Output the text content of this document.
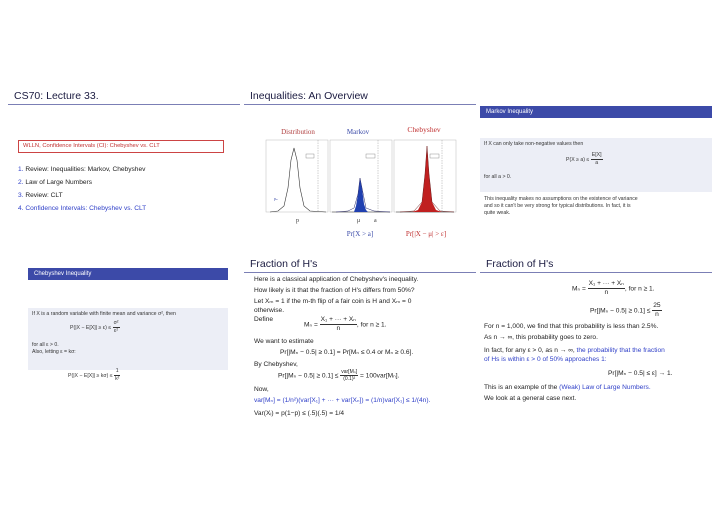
CS70: Lecture 33.
WLLN, Confidence Intervals (CI): Chebyshev vs. CLT
1. Review: Inequalities: Markov, Chebyshev
2. Law of Large Numbers
3. Review: CLT
4. Confidence Intervals: Chebyshev vs. CLT
Inequalities: An Overview
Distribution	Markov	Chebyshev
pₙ
p	μ a
Pr[X > a]	Pr[|X − μ| > ε]
Markov Inequality
If X can only take non-negative values then
$P(X \ge a) \le \frac{E[X]}{a}$
for all a > 0.
This inequality makes no assumptions on the existence of variance
and so it can't be very strong for typical distributions. In fact, it is
quite weak.
Chebyshev Inequality
If X is a random variable with finite mean and variance σ², then
$P(|X - E[X]| \ge \varepsilon) \le \frac{\text{σ²}}{\text{ε²}}$
for all ε > 0.
Also, letting ε = kσ:
$P(|X - E[X]| \ge k\sigma) \le \frac{1}{\text{k²}}$
Fraction of H's
Here is a classical application of Chebyshev's inequality.
How likely is it that the fraction of H's differs from 50%?
Let Xₘ = 1 if the m-th flip of a fair coin is H and Xₘ = 0
otherwise.
Define
$M_n = \frac{\text{X₁ + ··· + Xₙ}}{n}$ , for n ≥ 1.
We want to estimate
Pr[|Mₙ − 0.5| ≥ 0.1] = Pr[Mₙ ≤ 0.4 or Mₙ ≥ 0.6].
By Chebyshev,
$Pr[|M_n - 0.5| \ge 0.1] \le \frac{\text{var[Mₙ]}}{\text{(0.1)²}} = 100var[M_n]$.
Now,
var[Mₙ] = (1/n²)(var[X₁] + ··· + var[Xₙ]) = (1/n)var[X₁] ≤ 1/(4n).
Var(Xᵢ) = p(1−p) ≤ (.5)(.5) = 1/4
Fraction of H's
$M_n = \frac{\text{X₁ + ··· + Xₙ}}{n}$ , for n ≥ 1.
$Pr[|M_n - 0.5| \ge 0.1] \le \frac{25}{n}$
For n = 1,000, we find that this probability is less than 2.5%.
As n → ∞, this probability goes to zero.
In fact, for any ε > 0, as n → ∞, the probability that the fraction
of Hs is within ε > 0 of 50% approaches 1:
Pr[|Mₙ − 0.5| ≤ ε] → 1.
This is an example of the (Weak) Law of Large Numbers.
We look at a general case next.
